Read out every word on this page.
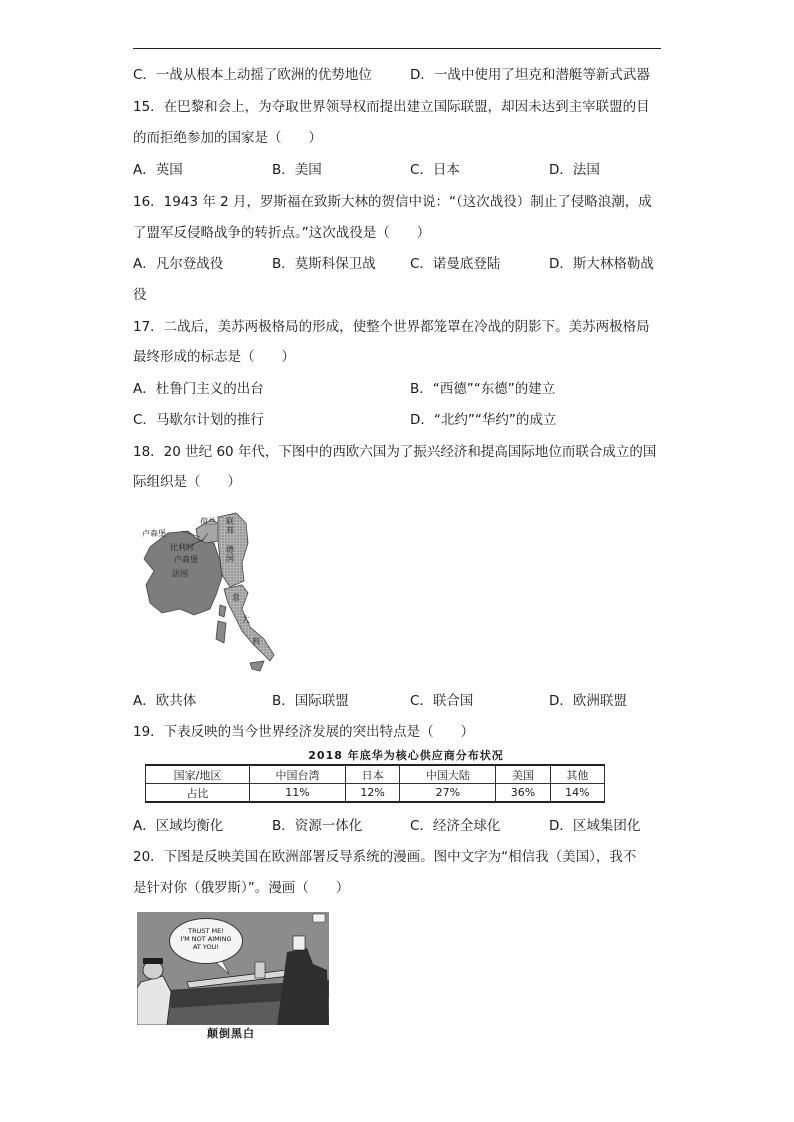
C．一战从根本上动摇了欧洲的优势地位	D．一战中使用了坦克和潜艇等新式武器
15．在巴黎和会上，为夺取世界领导权而提出建立国际联盟，却因未达到主宰联盟的目
的而拒绝参加的国家是（　　）
A．英国	B．美国	C．日本	D．法国
16．1943 年 2 月，罗斯福在致斯大林的贺信中说：“（这次战役）制止了侵略浪潮，成
了盟军反侵略战争的转折点。”这次战役是（　　）
A．凡尔登战役	B．莫斯科保卫战	C．诺曼底登陆	D．斯大林格勒战
役
17．二战后，美苏两极格局的形成，使整个世界都笼罩在冷战的阴影下。美苏两极格局
最终形成的标志是（　　）
A．杜鲁门主义的出台	B．“西德”“东德”的建立
C．马歇尔计划的推行	D．“北约”“华约”的成立
18．20 世纪 60 年代，下图中的西欧六国为了振兴经济和提高国际地位而联合成立的国
际组织是（　　）
卢森堡
荷兰 联邦
德国
比利时
卢森堡
法国
意
大
利
A．欧共体	B．国际联盟	C．联合国	D．欧洲联盟
19．下表反映的当今世界经济发展的突出特点是（　　）
2018 年底华为核心供应商分布状况
国家/地区	中国台湾	日本	中国大陆	美国	其他
占比	11%	12%	27%	36%	14%
A．区域均衡化	B．资源一体化	C．经济全球化	D．区域集团化
20．下图是反映美国在欧洲部署反导系统的漫画。图中文字为“相信我（美国），我不
是针对你（俄罗斯）”。漫画（　　）
TRUST ME!
I'M NOT AIMING
AT YOU!
颠倒黑白
